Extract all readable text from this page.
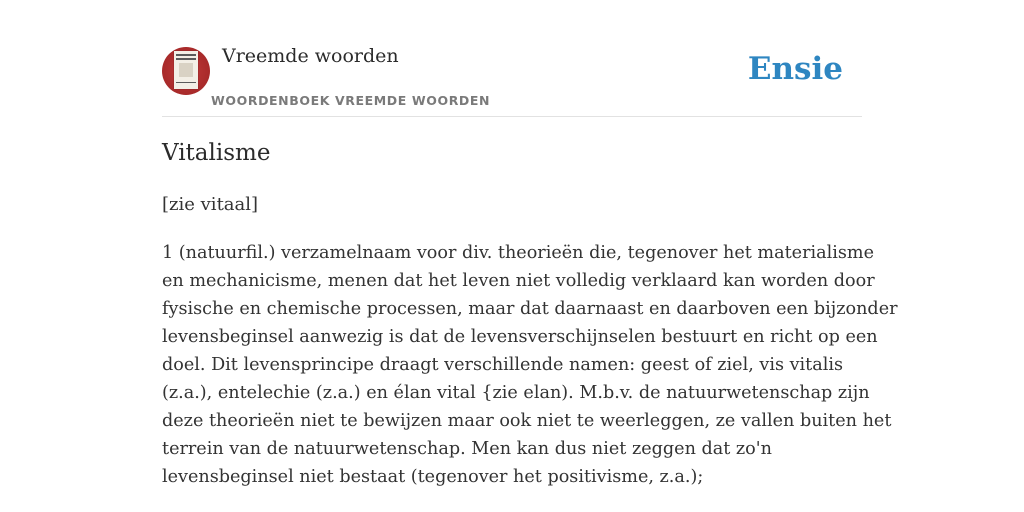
Vreemde woorden
WOORDENBOEK VREEMDE WOORDEN
Ensie
Vitalisme
[zie vitaal]

1 (natuurfil.) verzamelnaam voor div. theorieën die, tegenover het materialisme
en mechanicisme, menen dat het leven niet volledig verklaard kan worden door
fysische en chemische processen, maar dat daarnaast en daarboven een bijzonder
levensbeginsel aanwezig is dat de levensverschijnselen bestuurt en richt op een
doel. Dit levensprincipe draagt verschillende namen: geest of ziel, vis vitalis
(z.a.), entelechie (z.a.) en élan vital {zie elan). M.b.v. de natuurwetenschap zijn
deze theorieën niet te bewijzen maar ook niet te weerleggen, ze vallen buiten het
terrein van de natuurwetenschap. Men kan dus niet zeggen dat zo'n
levensbeginsel niet bestaat (tegenover het positivisme, z.a.);
